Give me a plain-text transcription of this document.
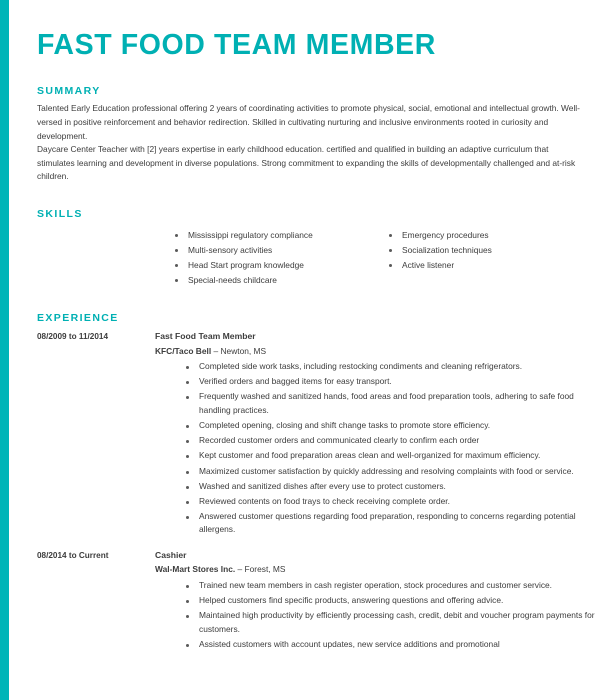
FAST FOOD TEAM MEMBER
SUMMARY

Talented Early Education professional offering 2 years of coordinating activities to promote physical, social, emotional and intellectual growth. Well-versed in positive reinforcement and behavior redirection. Skilled in cultivating nurturing and inclusive environments rooted in curiosity and development.

Daycare Center Teacher with [2] years expertise in early childhood education. certified and qualified in building an adaptive curriculum that stimulates learning and development in diverse populations. Strong commitment to expanding the skills of developmentally challenged and at-risk children.

SKILLS
Mississippi regulatory compliance
Multi-sensory activities
Head Start program knowledge
Special-needs childcare
Emergency procedures
Socialization techniques
Active listener
EXPERIENCE
08/2009 to 11/2014	Fast Food Team Member
KFC/Taco Bell – Newton, MS
Completed side work tasks, including restocking condiments and cleaning refrigerators.
Verified orders and bagged items for easy transport.
Frequently washed and sanitized hands, food areas and food preparation tools, adhering to safe food handling practices.
Completed opening, closing and shift change tasks to promote store efficiency.
Recorded customer orders and communicated clearly to confirm each order
Kept customer and food preparation areas clean and well-organized for maximum efficiency.
Maximized customer satisfaction by quickly addressing and resolving complaints with food or service.
Washed and sanitized dishes after every use to protect customers.
Reviewed contents on food trays to check receiving complete order.
Answered customer questions regarding food preparation, responding to concerns regarding potential allergens.
08/2014 to Current	Cashier
Wal-Mart Stores Inc. – Forest, MS
Trained new team members in cash register operation, stock procedures and customer service.
Helped customers find specific products, answering questions and offering advice.
Maintained high productivity by efficiently processing cash, credit, debit and voucher program payments for customers.
Assisted customers with account updates, new service additions and promotional
